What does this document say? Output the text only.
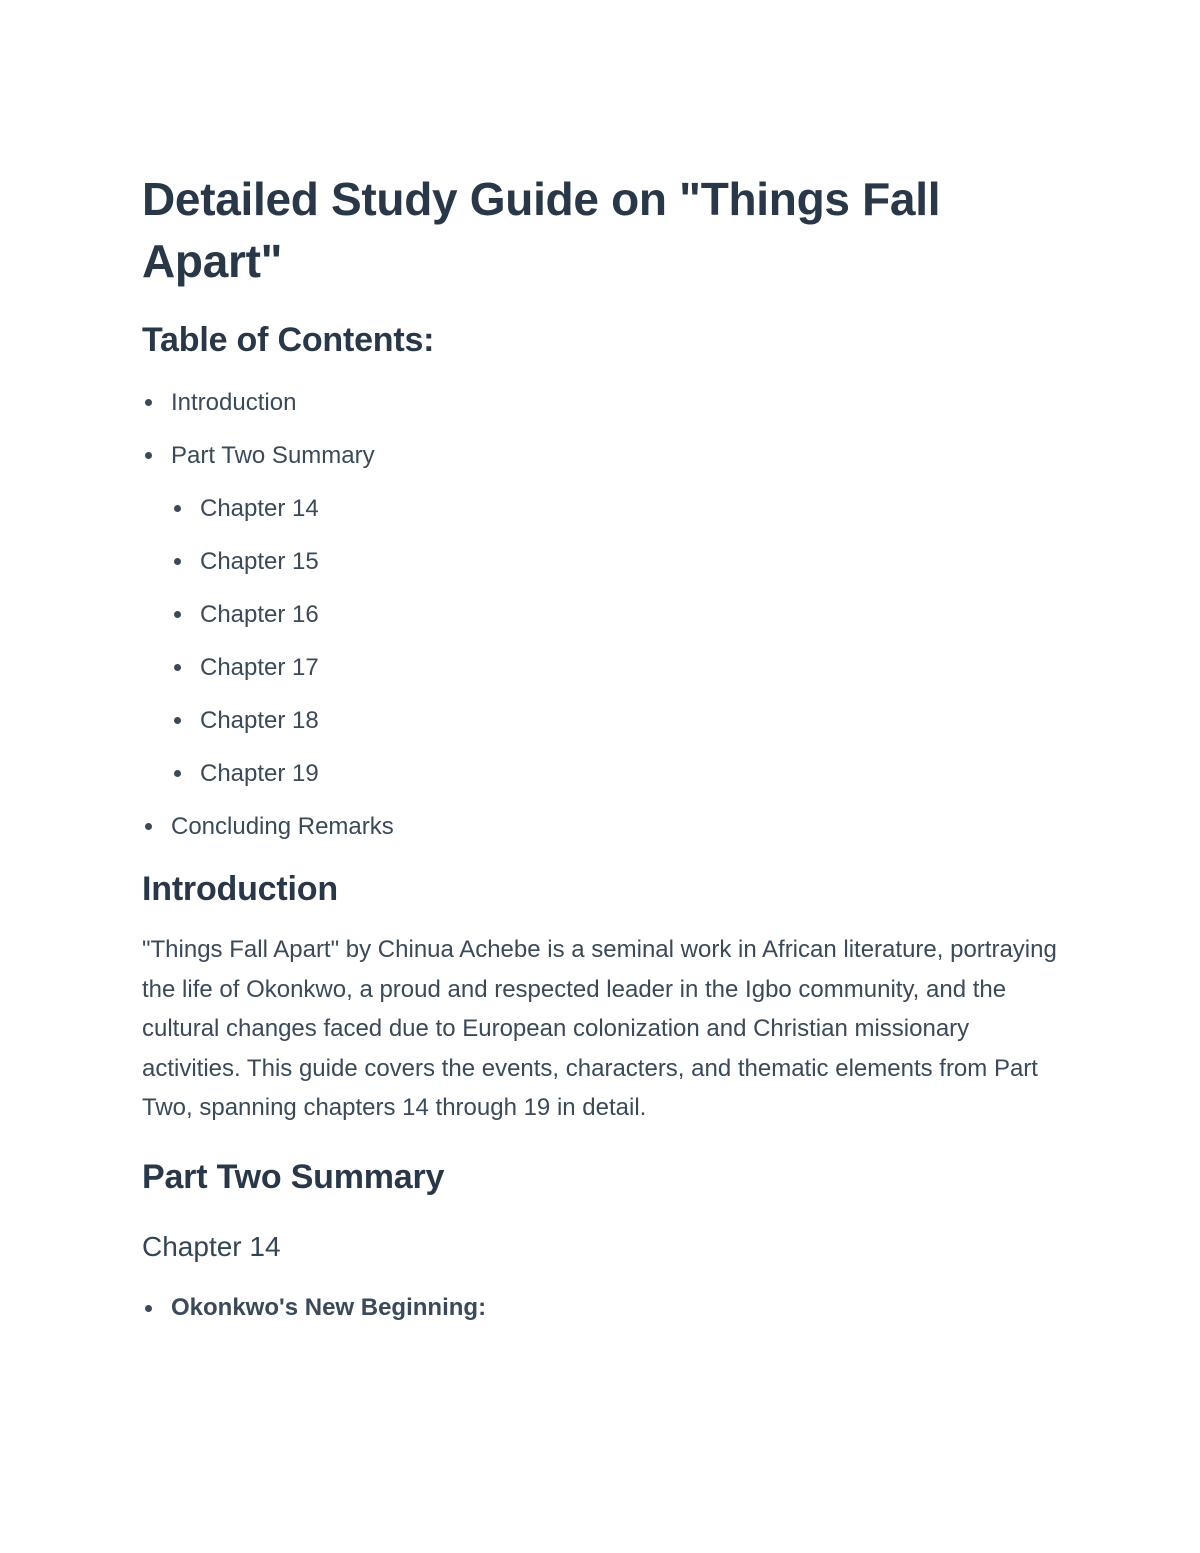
Detailed Study Guide on "Things Fall Apart"
Table of Contents:
Introduction
Part Two Summary
Chapter 14
Chapter 15
Chapter 16
Chapter 17
Chapter 18
Chapter 19
Concluding Remarks
Introduction

"Things Fall Apart" by Chinua Achebe is a seminal work in African literature, portraying the life of Okonkwo, a proud and respected leader in the Igbo community, and the cultural changes faced due to European colonization and Christian missionary activities. This guide covers the events, characters, and thematic elements from Part Two, spanning chapters 14 through 19 in detail.

Part Two Summary
Chapter 14
Okonkwo's New Beginning:
